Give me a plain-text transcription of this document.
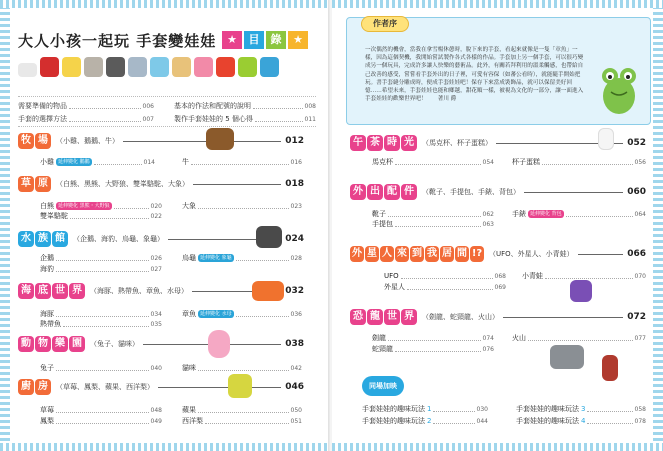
大人小孩一起玩 手套變娃娃 ★	目	錄	★
需要準備的物品	006	基本的作法和配號的說明	008
手套的選擇方法	007	製作手套娃娃的 5 個心得	011
牧 場	（小雞、鵝鵝、牛）	012
小雞 延伸變化 鵝鵝	014	牛	016
草 原	（白熊、黑熊、大野狼、雙峯駱駝、大象）	018
白熊 延伸變化 黑熊・大野狼	020	大象	023
雙峯駱駝	022
水 族 館	（企鵝、海豹、烏龜、象龜）	024
企鵝	026	烏龜 延伸變化 象龜	028
海豹	027
海 底 世 界	（海豚、熱帶魚、章魚、水母）	032
海豚	034	章魚 延伸變化 水母	036
熱帶魚	035
動 物 樂 園	（兔子、貓咪）	038
兔子	040	貓咪	042
廚 房	（草莓、鳳梨、蘋果、西洋梨）	046
草莓	048	蘋果	050
鳳梨	049	西洋梨	051
作者序
一次偶然的機會，當我在拿雪楊休憩時，脫下來的手套，看起來就像是一隻「章魚」一樣，因為這個契機，我開始嘗試製作各式各樣的作品。手套加上另一個手套，可以很巧變成另一個玩具，完成許多讓人快樂的藝術品。此外，有關若拜利用的溫柔觸感，也帶給自己改善的感受，嘗嘗看手套外出的日子裡，可愛有容保（如蕃公看時），就能隨手開始把玩。書手套縫分雕成時，便成手套娃娃吧！保存下來當成裝飾品，就可以保留美好回憶……希望未來，手套娃娃也能和鄉越，甜花順一樣，被視為文化的一部分，讓一面進入手套娃娃的歡樂世界吧！　　著川 爵
午 茶 時 光	（馬克杯、杯子蛋糕）	052
馬克杯	054	杯子蛋糕	056
外 出 配 件	（靴子、手提包、手錶、背包）	060
靴子	062	手錶 延伸變化 背包	064
手提包	063
外 星 人 來 到 我 居 間 !? （UFO、外星人、小青蛙）	066
UFO	068 小青蛙	070
外星人	069
恐 龍 世 界	（劍龍、蛇頸龍、火山）	072
劍龍	074	火山	077
蛇頸龍	076
同場加映
手套娃娃的趣味玩法 1	030	手套娃娃的趣味玩法 3	058
手套娃娃的趣味玩法 2	044	手套娃娃的趣味玩法 4	078
